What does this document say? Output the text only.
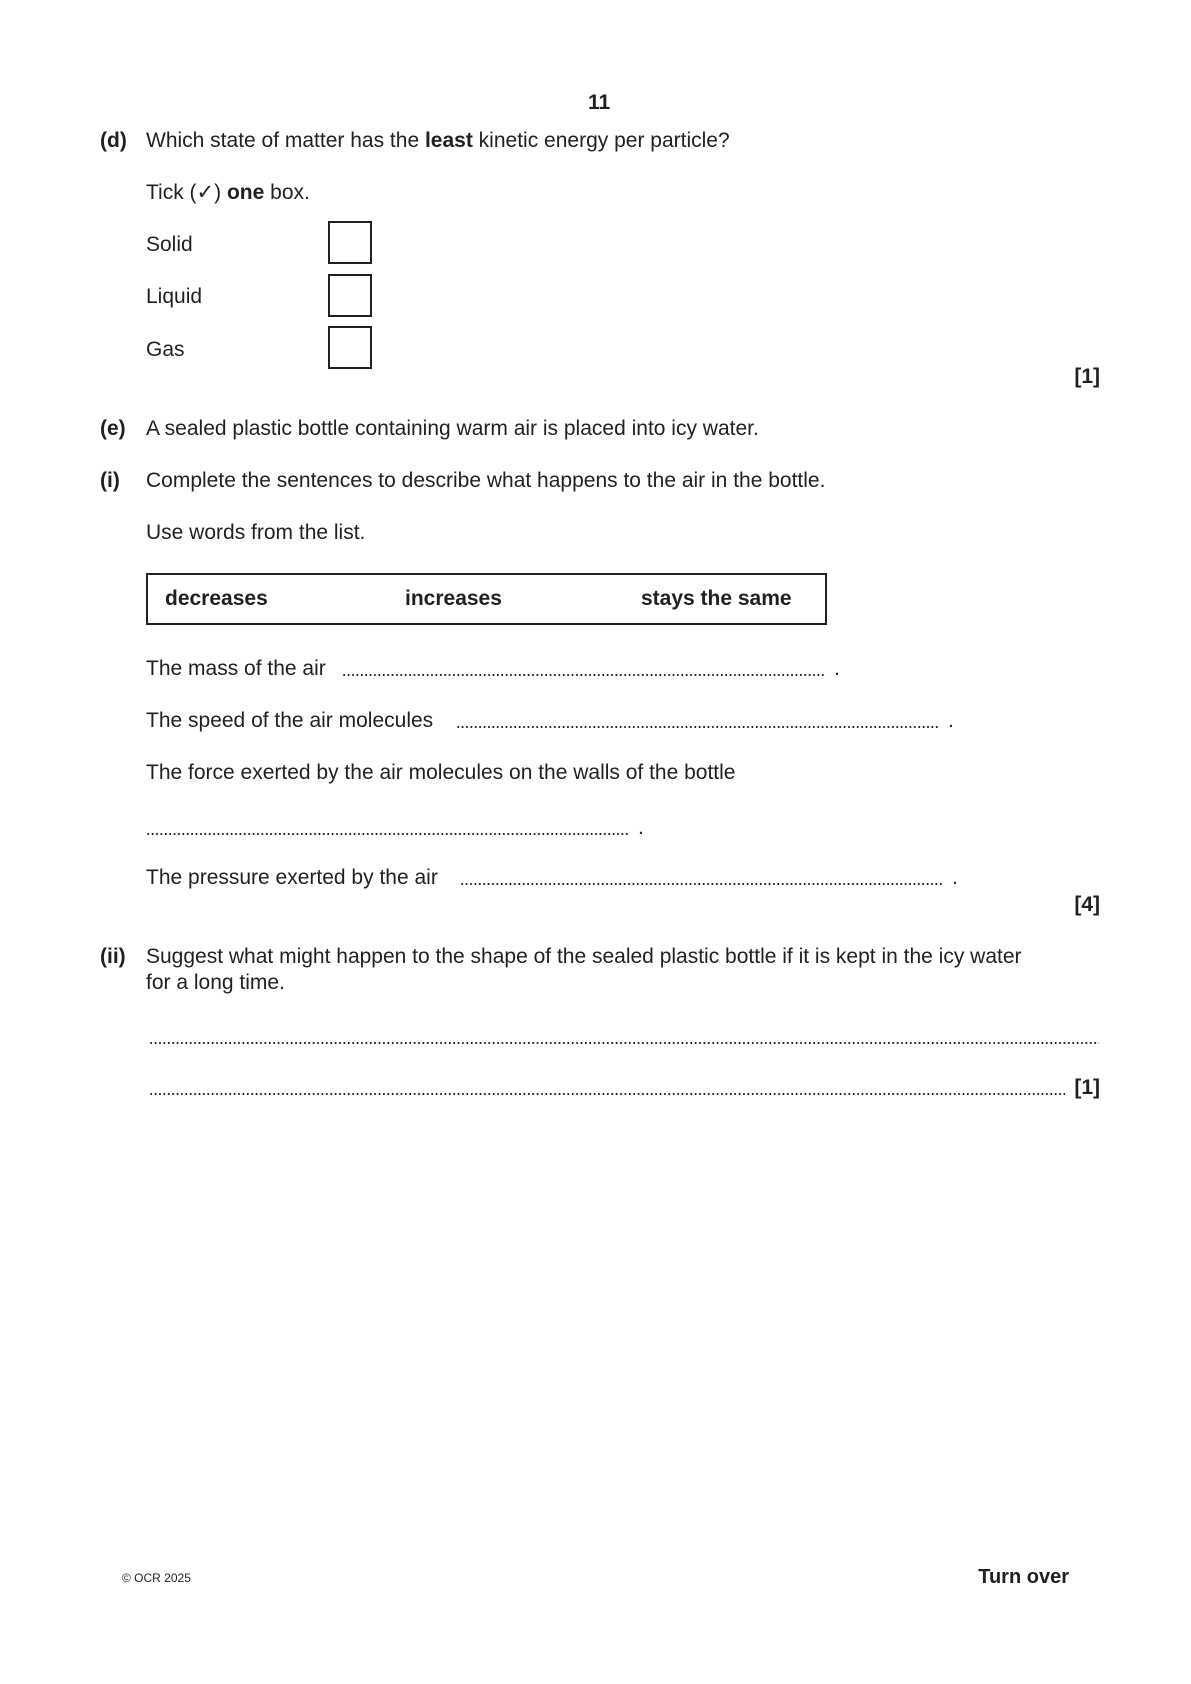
11
(d) Which state of matter has the least kinetic energy per particle?
Tick (✓) one box.
Solid
Liquid
Gas
[1]
(e) A sealed plastic bottle containing warm air is placed into icy water.
(i) Complete the sentences to describe what happens to the air in the bottle.
Use words from the list.
decreases	increases	stays the same
The mass of the air	.
The speed of the air molecules	.
The force exerted by the air molecules on the walls of the bottle
.
The pressure exerted by the air	.
[4]
(ii) Suggest what might happen to the shape of the sealed plastic bottle if it is kept in the icy water
for a long time.
[1]
© OCR 2025	Turn over
